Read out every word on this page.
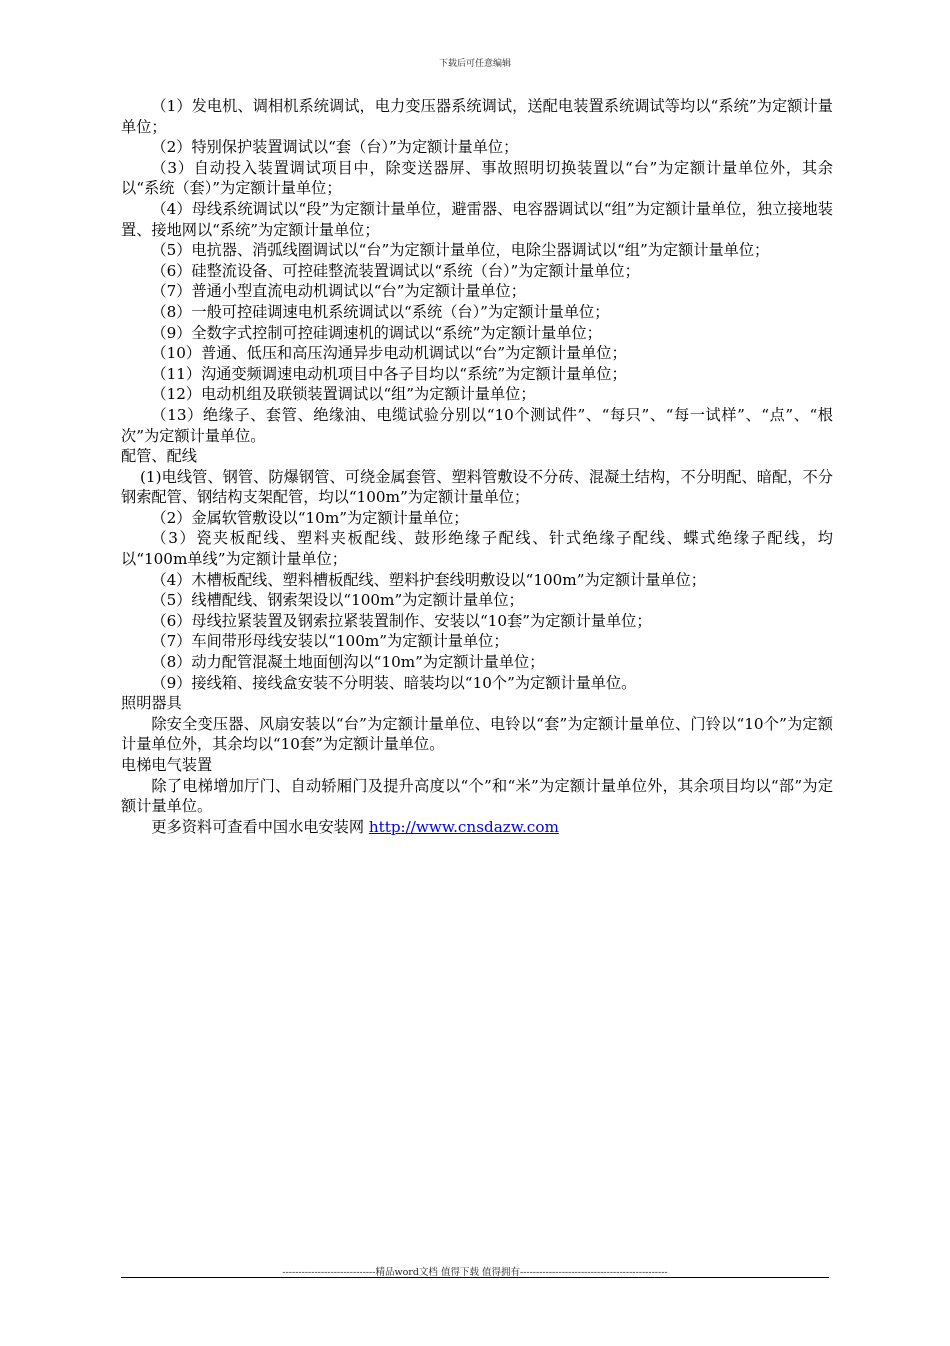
下载后可任意编辑

（1）发电机、调相机系统调试，电力变压器系统调试，送配电装置系统调试等均以“系统”为定额计量单位；

（2）特别保护装置调试以“套（台）”为定额计量单位；

（3）自动投入装置调试项目中，除变送器屏、事故照明切换装置以“台”为定额计量单位外，其余以“系统（套）”为定额计量单位；

（4）母线系统调试以“段”为定额计量单位，避雷器、电容器调试以“组”为定额计量单位，独立接地装置、接地网以“系统”为定额计量单位；

（5）电抗器、消弧线圈调试以“台”为定额计量单位，电除尘器调试以“组”为定额计量单位；

（6）硅整流设备、可控硅整流装置调试以“系统（台）”为定额计量单位；

（7）普通小型直流电动机调试以“台”为定额计量单位；

（8）一般可控硅调速电机系统调试以“系统（台）”为定额计量单位；

（9）全数字式控制可控硅调速机的调试以“系统”为定额计量单位；

（10）普通、低压和高压沟通异步电动机调试以“台”为定额计量单位；

（11）沟通变频调速电动机项目中各子目均以“系统”为定额计量单位；

（12）电动机组及联锁装置调试以“组”为定额计量单位；

（13）绝缘子、套管、绝缘油、电缆试验分别以“10个测试件”、“每只”、“每一试样”、“点”、“根次”为定额计量单位。

配管、配线

(1)电线管、钢管、防爆钢管、可绕金属套管、塑料管敷设不分砖、混凝土结构，不分明配、暗配，不分钢索配管、钢结构支架配管，均以“100m”为定额计量单位；

（2）金属软管敷设以“10m”为定额计量单位；

（3）瓷夹板配线、塑料夹板配线、鼓形绝缘子配线、针式绝缘子配线、蝶式绝缘子配线，均以“100m单线”为定额计量单位；

（4）木槽板配线、塑料槽板配线、塑料护套线明敷设以“100m”为定额计量单位；

（5）线槽配线、钢索架设以“100m”为定额计量单位；

（6）母线拉紧装置及钢索拉紧装置制作、安装以“10套”为定额计量单位；

（7）车间带形母线安装以“100m”为定额计量单位；

（8）动力配管混凝土地面刨沟以“10m”为定额计量单位；

（9）接线箱、接线盒安装不分明装、暗装均以“10个”为定额计量单位。

照明器具

除安全变压器、风扇安装以“台”为定额计量单位、电铃以“套”为定额计量单位、门铃以“10个”为定额计量单位外，其余均以“10套”为定额计量单位。

电梯电气装置

除了电梯增加厅门、自动轿厢门及提升高度以“个”和“米”为定额计量单位外，其余项目均以“部”为定额计量单位。

更多资料可查看中国水电安装网 http://www.cnsdazw.com

-----------------------------精品word文档 值得下载 值得拥有----------------------------------------------
